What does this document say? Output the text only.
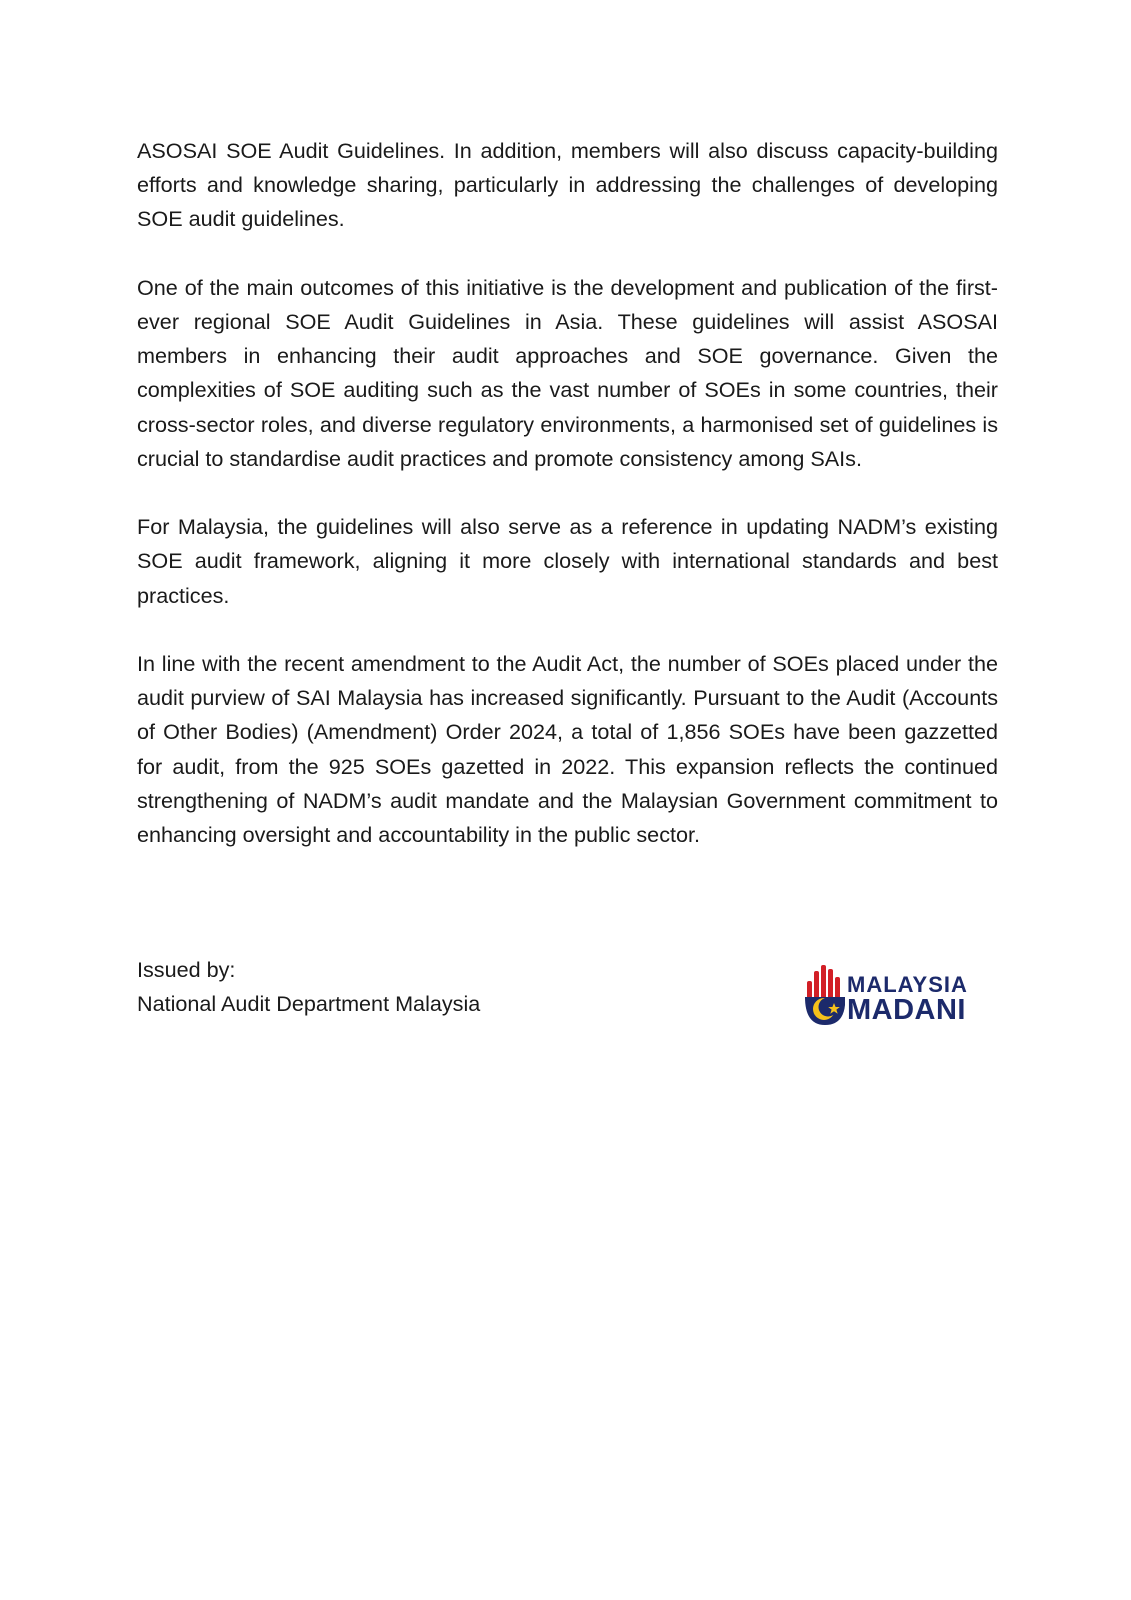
ASOSAI SOE Audit Guidelines. In addition, members will also discuss capacity-building efforts and knowledge sharing, particularly in addressing the challenges of developing SOE audit guidelines.

One of the main outcomes of this initiative is the development and publication of the first-ever regional SOE Audit Guidelines in Asia. These guidelines will assist ASOSAI members in enhancing their audit approaches and SOE governance. Given the complexities of SOE auditing such as the vast number of SOEs in some countries, their cross-sector roles, and diverse regulatory environments, a harmonised set of guidelines is crucial to standardise audit practices and promote consistency among SAIs.

For Malaysia, the guidelines will also serve as a reference in updating NADM’s existing SOE audit framework, aligning it more closely with international standards and best practices.

In line with the recent amendment to the Audit Act, the number of SOEs placed under the audit purview of SAI Malaysia has increased significantly. Pursuant to the Audit (Accounts of Other Bodies) (Amendment) Order 2024, a total of 1,856 SOEs have been gazzetted for audit, from the 925 SOEs gazetted in 2022. This expansion reflects the continued strengthening of NADM’s audit mandate and the Malaysian Government commitment to enhancing oversight and accountability in the public sector.

Issued by:
National Audit Department Malaysia
MALAYSIA
MADANI
